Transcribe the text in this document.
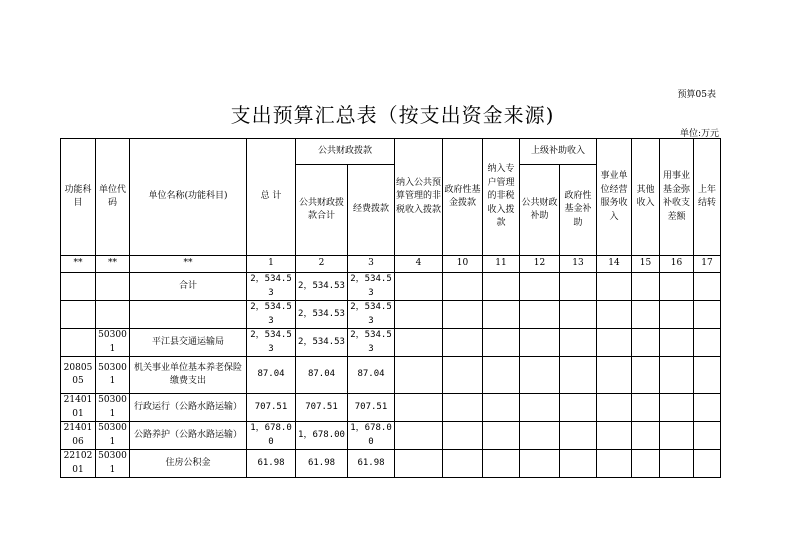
预算05表
支出预算汇总表（按支出资金来源)
单位:万元
功能科目	单位代码	单位名称(功能科目)	总 计	公共财政拨款		纳入公共预算管理的非税收入拨款	政府性基金拨款	纳入专户管理的非税收入拨款	上级补助收入		事业单位经营服务收入	其他收入	用事业基金弥补收支差额	上年结转
				公共财政拨款合计	经费拨款				公共财政补助	政府性基金补助				

**	**	**	1	2	3	4	10	11	12	13	14	15	16	17
		合计	2，534.53	2，534.53	2，534.53									
			2，534.53	2，534.53	2，534.53									
	503001	平江县交通运输局	2，534.53	2，534.53	2，534.53									
2080505	503001	机关事业单位基本养老保险缴费支出	87.04	87.04	87.04									
2140101	503001	行政运行（公路水路运输）	707.51	707.51	707.51									
2140106	503001	公路养护（公路水路运输）	1，678.00	1，678.00	1，678.00									
2210201	503001	住房公积金	61.98	61.98	61.98									
